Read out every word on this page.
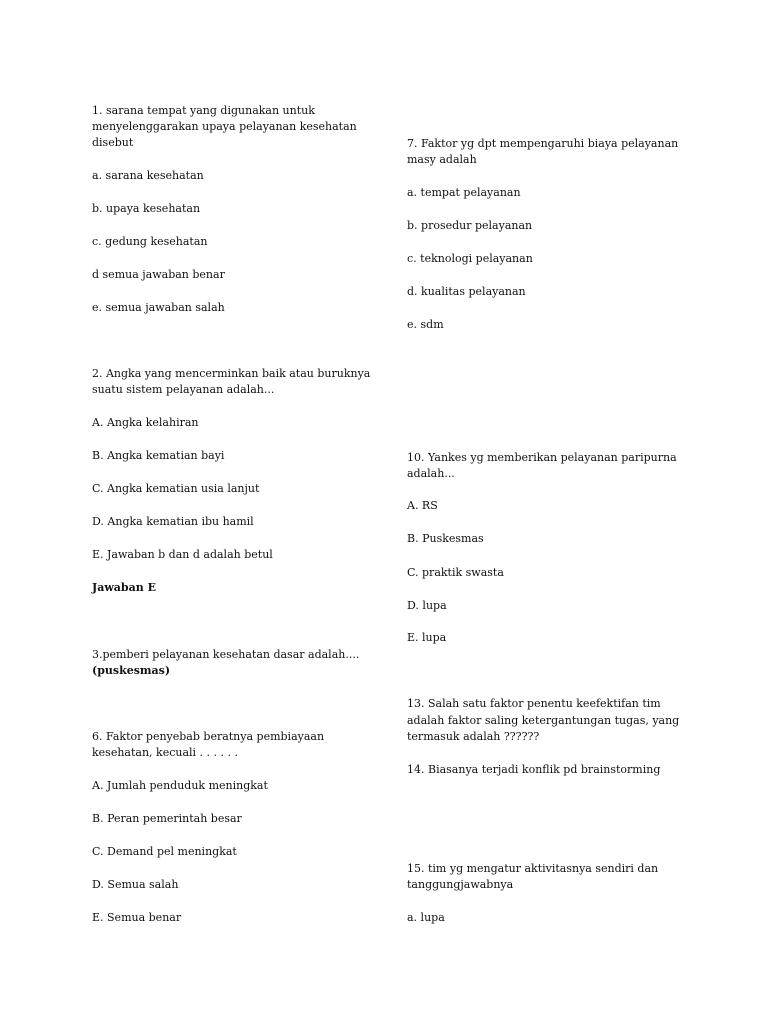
1. sarana tempat yang digunakan untuk
menyelenggarakan upaya pelayanan kesehatan
disebut
a. sarana kesehatan
b. upaya kesehatan
c. gedung kesehatan
d semua jawaban benar
e. semua jawaban salah
2. Angka yang mencerminkan baik atau buruknya
suatu sistem pelayanan adalah...
A. Angka kelahiran
B. Angka kematian bayi
C. Angka kematian usia lanjut
D. Angka kematian ibu hamil
E. Jawaban b dan d adalah betul
Jawaban E
3.pemberi pelayanan kesehatan dasar adalah....
(puskesmas)
6. Faktor penyebab beratnya pembiayaan
kesehatan, kecuali . . . . . .
A. Jumlah penduduk meningkat
B. Peran pemerintah besar
C. Demand pel meningkat
D. Semua salah
E. Semua benar
7. Faktor yg dpt mempengaruhi biaya pelayanan
masy adalah
a. tempat pelayanan
b. prosedur pelayanan
c. teknologi pelayanan
d. kualitas pelayanan
e. sdm
10. Yankes yg memberikan pelayanan paripurna
adalah...
A. RS
B. Puskesmas
C. praktik swasta
D. lupa
E. lupa
13. Salah satu faktor penentu keefektifan tim
adalah faktor saling ketergantungan tugas, yang
termasuk adalah ??????
14. Biasanya terjadi konflik pd brainstorming
15. tim yg mengatur aktivitasnya sendiri dan
tanggungjawabnya
a. lupa
